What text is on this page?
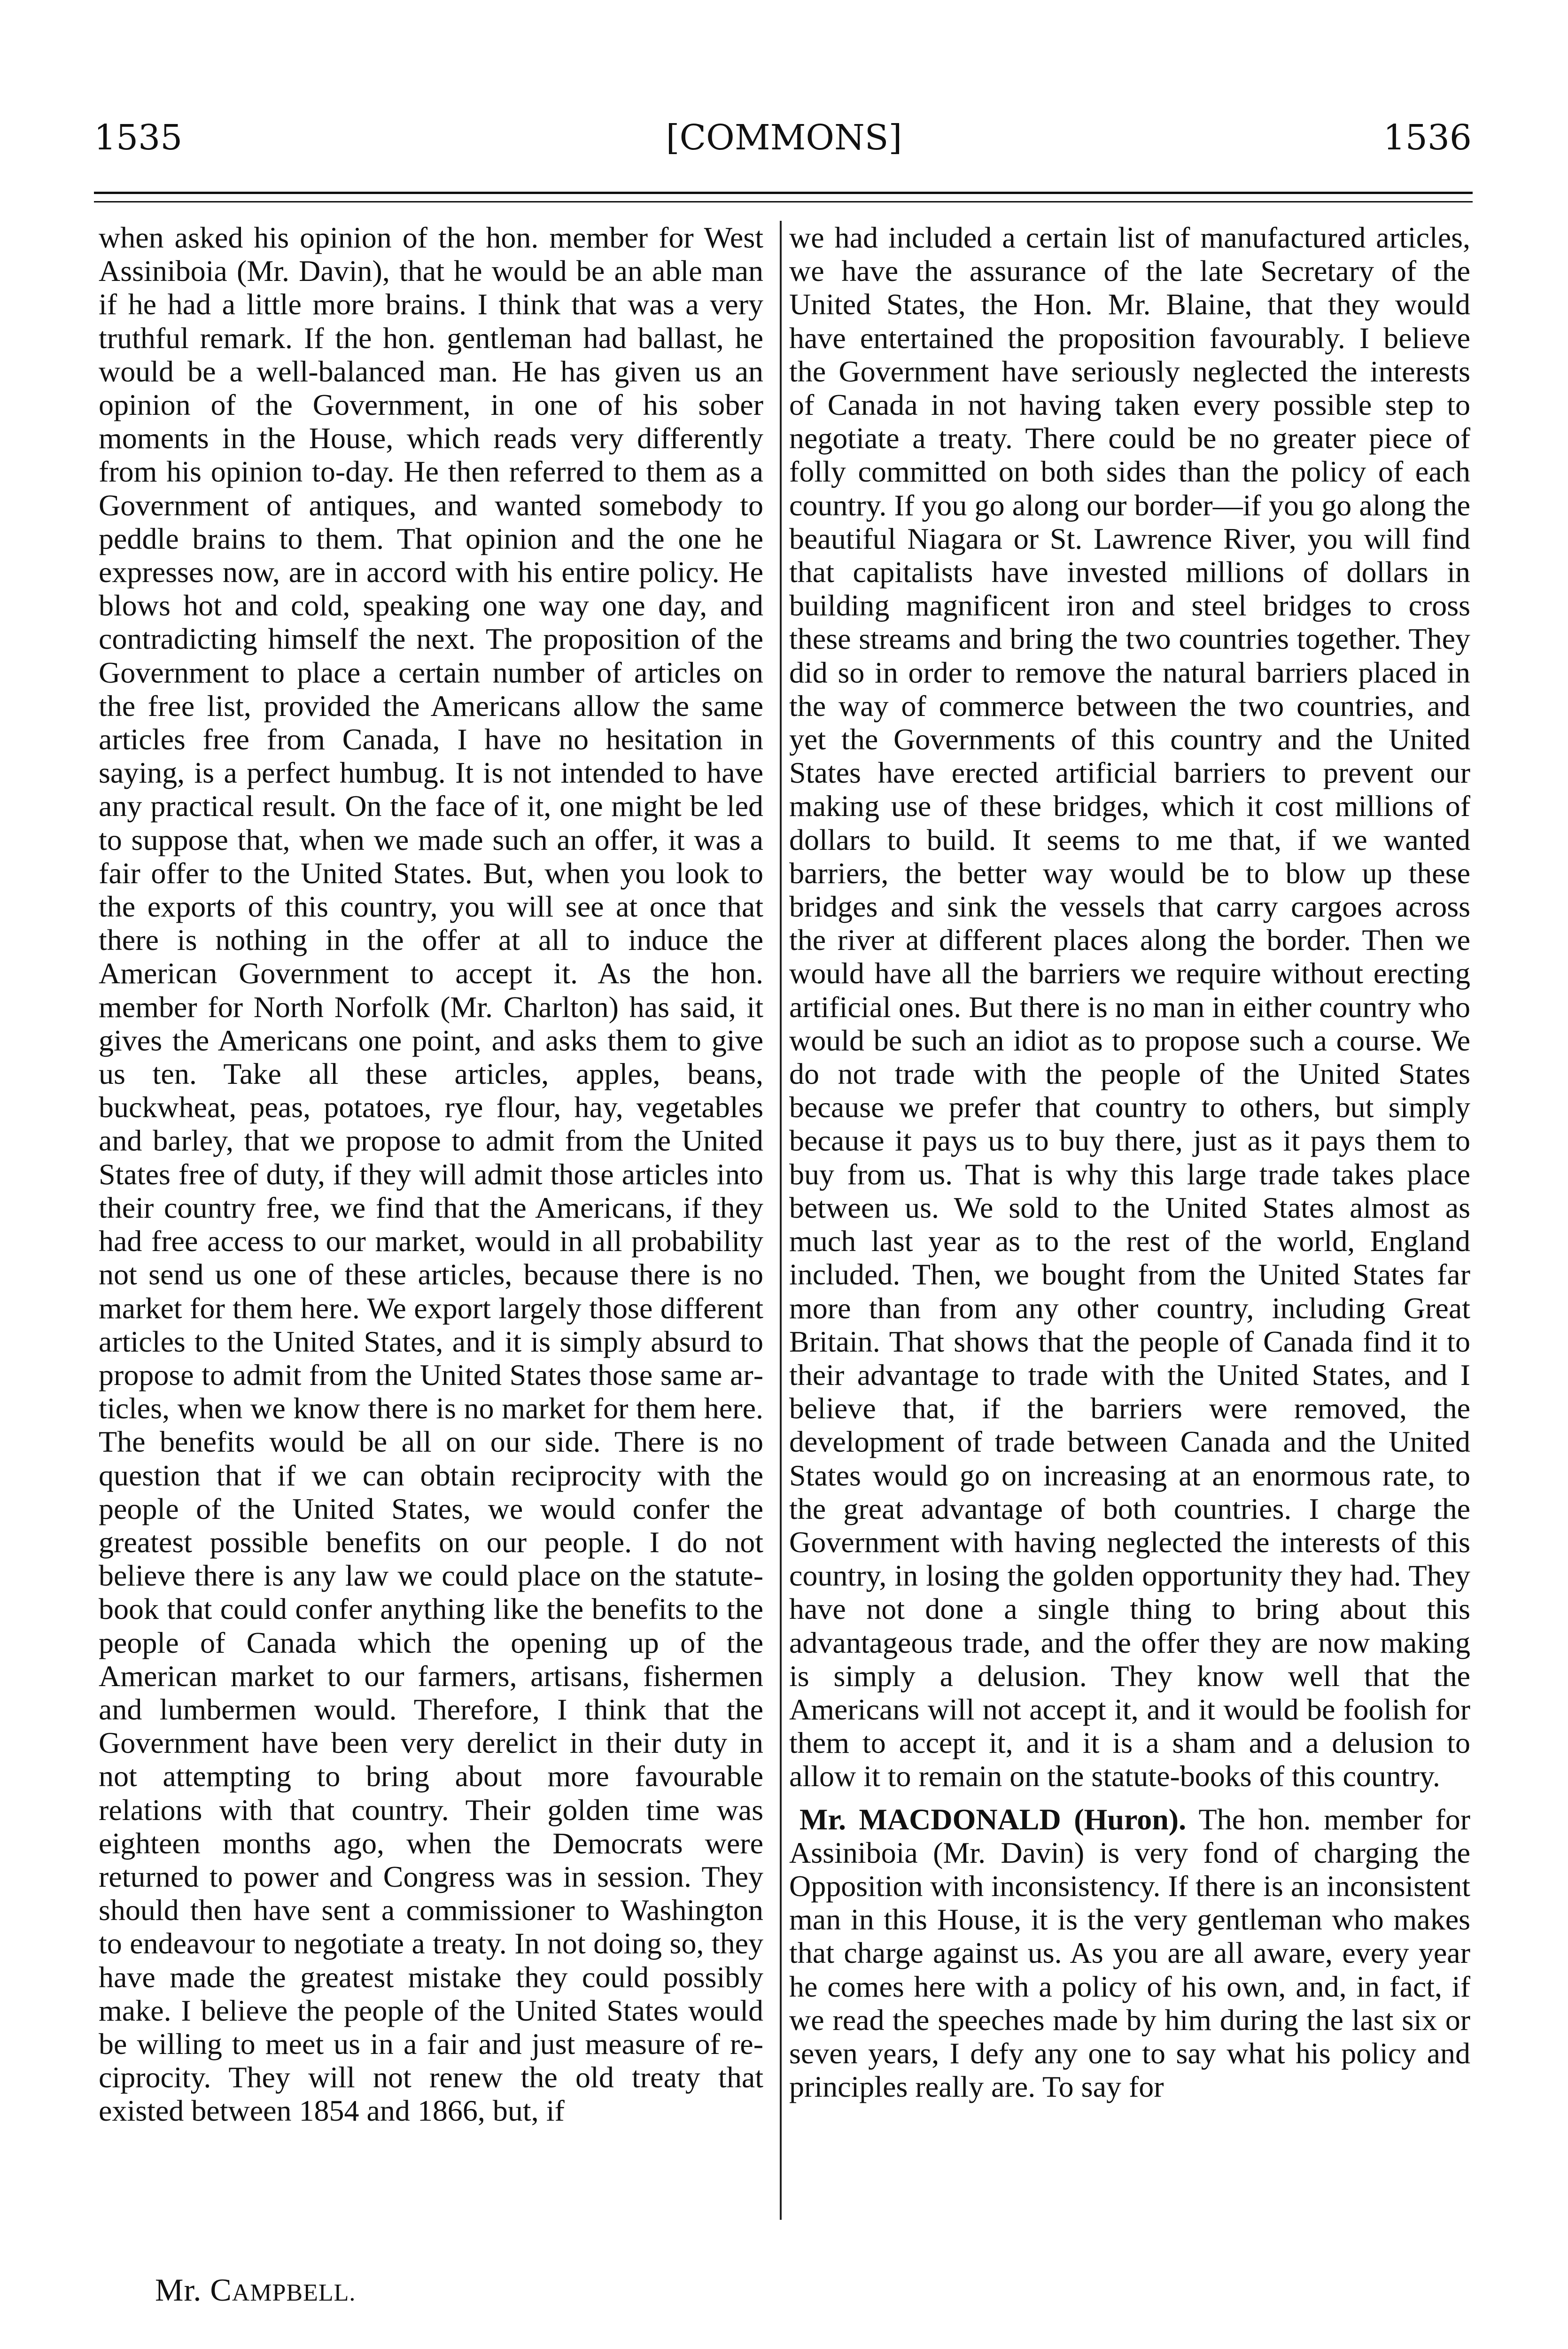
[COMMONS]
1535	1536

when asked his opinion of the hon. member for West Assiniboia (Mr. Davin), that he would be an able man if he had a little more brains. I think that was a very truthful remark. If the hon. gentleman had ballast, he would be a well-balanced man. He has given us an opinion of the Government, in one of his sober moments in the House, which reads very differently from his opinion to-day. He then referred to them as a Government of antiques, and wanted somebody to peddle brains to them. That opinion and the one he expresses now, are in accord with his entire policy. He blows hot and cold, speaking one way one day, and contradicting himself the next. The proposition of the Government to place a certain number of articles on the free list, provided the Americans allow the same articles free from Canada, I have no hesitation in saying, is a perfect humbug. It is not intended to have any practical result. On the face of it, one might be led to suppose that, when we made such an offer, it was a fair offer to the United States. But, when you look to the exports of this country, you will see at once that there is nothing in the offer at all to induce the American Government to accept it. As the hon. member for North Norfolk (Mr. Charlton) has said, it gives the Americans one point, and asks them to give us ten. Take all these articles, apples, beans, buckwheat, peas, potatoes, rye flour, hay, vegetables and barley, that we propose to admit from the United States free of duty, if they will admit those articles into their country free, we find that the Americans, if they had free access to our market, would in all probability not send us one of these articles, because there is no market for them here. We export largely those different articles to the United States, and it is simply absurd to propose to admit from the United States those same articles, when we know there is no market for them here. The benefits would be all on our side. There is no question that if we can obtain reciprocity with the people of the United States, we would confer the greatest possible benefits on our people. I do not believe there is any law we could place on the statute-book that could confer anything like the benefits to the people of Canada which the opening up of the American market to our farmers, artisans, fishermen and lumbermen would. Therefore, I think that the Government have been very derelict in their duty in not attempting to bring about more favourable relations with that country. Their golden time was eighteen months ago, when the Democrats were returned to power and Congress was in session. They should then have sent a commissioner to Washington to endeavour to negotiate a treaty. In not doing so, they have made the greatest mistake they could possibly make. I believe the people of the United States would be willing to meet us in a fair and just measure of reciprocity. They will not renew the old treaty that existed between 1854 and 1866, but, if

we had included a certain list of manufactured articles, we have the assurance of the late Secretary of the United States, the Hon. Mr. Blaine, that they would have entertained the proposition favourably. I believe the Government have seriously neglected the interests of Canada in not having taken every possible step to negotiate a treaty. There could be no greater piece of folly committed on both sides than the policy of each country. If you go along our border—if you go along the beautiful Niagara or St. Lawrence River, you will find that capitalists have invested millions of dollars in building magnificent iron and steel bridges to cross these streams and bring the two countries together. They did so in order to remove the natural barriers placed in the way of commerce between the two countries, and yet the Governments of this country and the United States have erected artificial barriers to prevent our making use of these bridges, which it cost millions of dollars to build. It seems to me that, if we wanted barriers, the better way would be to blow up these bridges and sink the vessels that carry cargoes across the river at different places along the border. Then we would have all the barriers we require without erecting artificial ones. But there is no man in either country who would be such an idiot as to propose such a course. We do not trade with the people of the United States because we prefer that country to others, but simply because it pays us to buy there, just as it pays them to buy from us. That is why this large trade takes place between us. We sold to the United States almost as much last year as to the rest of the world, England included. Then, we bought from the United States far more than from any other country, including Great Britain. That shows that the people of Canada find it to their advantage to trade with the United States, and I believe that, if the barriers were removed, the development of trade between Canada and the United States would go on increasing at an enormous rate, to the great advantage of both countries. I charge the Government with having neglected the interests of this country, in losing the golden opportunity they had. They have not done a single thing to bring about this advantageous trade, and the offer they are now making is simply a delusion. They know well that the Americans will not accept it, and it would be foolish for them to accept it, and it is a sham and a delusion to allow it to remain on the statute-books of this country.

Mr. MACDONALD (Huron). The hon. member for Assiniboia (Mr. Davin) is very fond of charging the Opposition with inconsistency. If there is an inconsistent man in this House, it is the very gentleman who makes that charge against us. As you are all aware, every year he comes here with a policy of his own, and, in fact, if we read the speeches made by him during the last six or seven years, I defy any one to say what his policy and principles really are. To say for

Mr. CAMPBELL.
